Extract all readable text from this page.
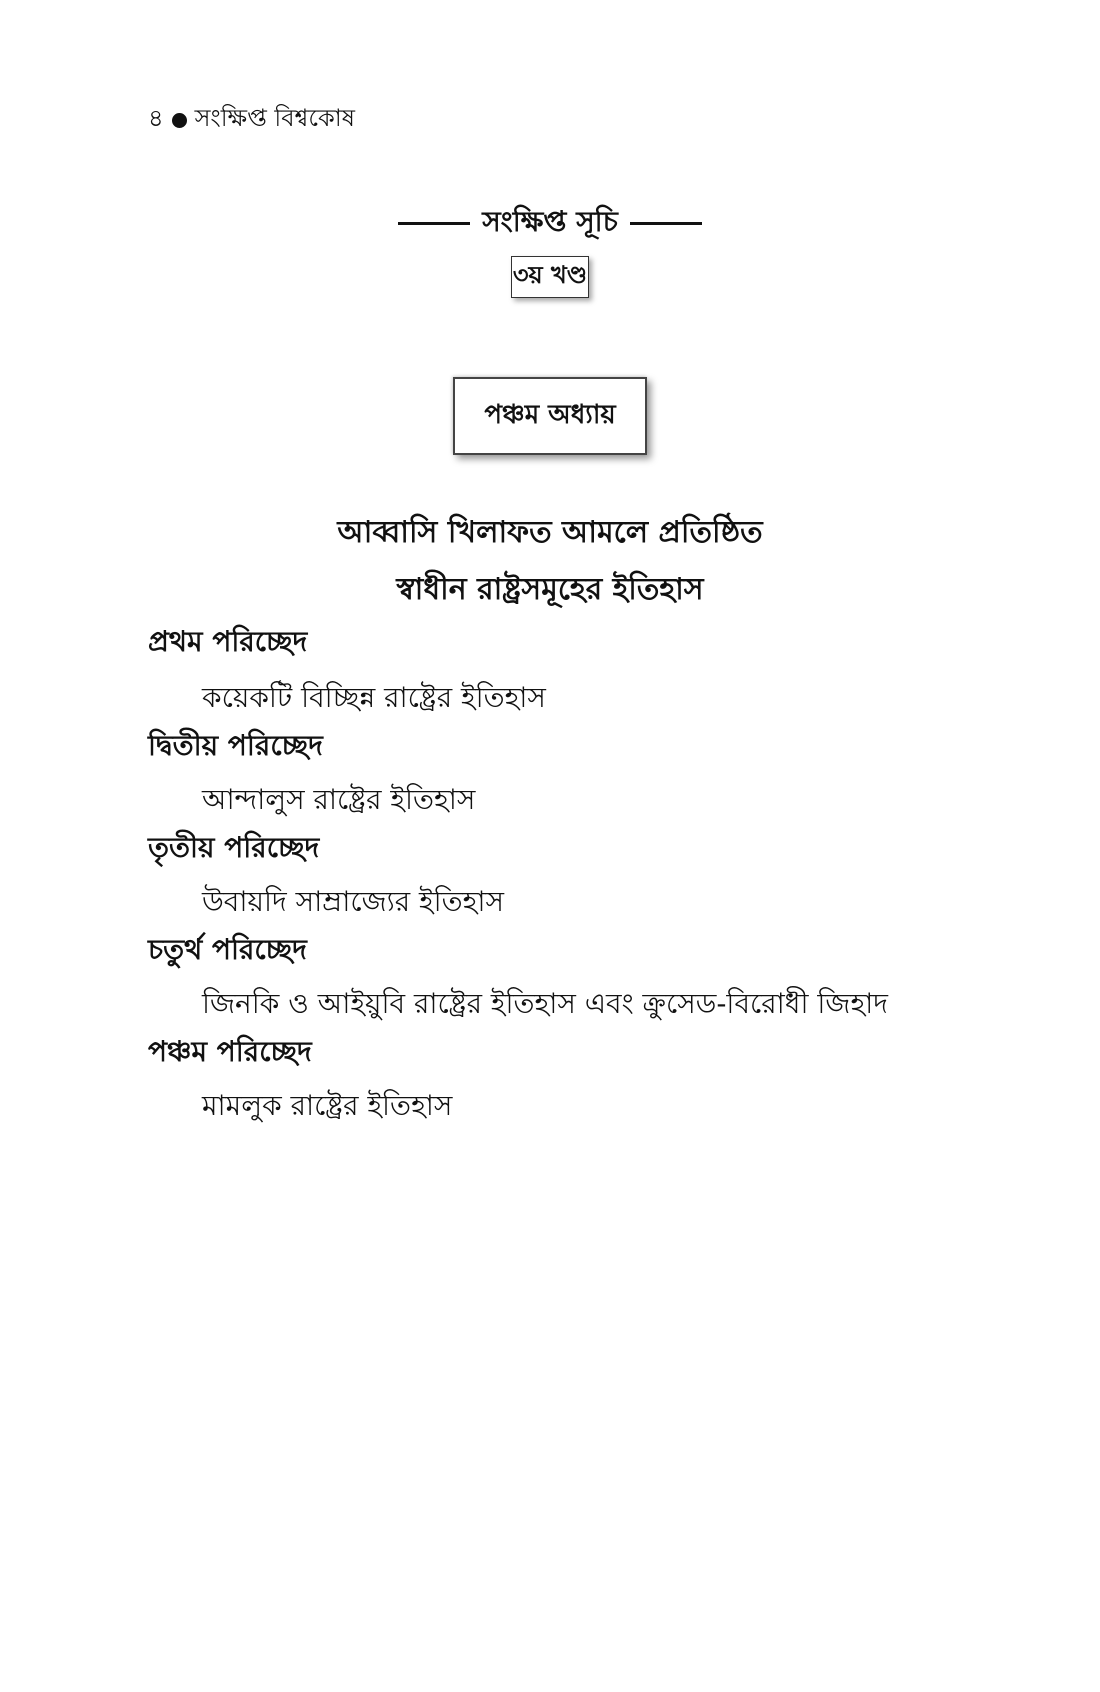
৪ সংক্ষিপ্ত বিশ্বকোষ
সংক্ষিপ্ত সূচি
৩য় খণ্ড
পঞ্চম অধ্যায়
আব্বাসি খিলাফত আমলে প্রতিষ্ঠিত
স্বাধীন রাষ্ট্রসমূহের ইতিহাস
প্রথম পরিচ্ছেদ
কয়েকটি বিচ্ছিন্ন রাষ্ট্রের ইতিহাস
দ্বিতীয় পরিচ্ছেদ
আন্দালুস রাষ্ট্রের ইতিহাস
তৃতীয় পরিচ্ছেদ
উবায়দি সাম্রাজ্যের ইতিহাস
চতুর্থ পরিচ্ছেদ
জিনকি ও আইয়ুবি রাষ্ট্রের ইতিহাস এবং ক্রুসেড-বিরোধী জিহাদ
পঞ্চম পরিচ্ছেদ
মামলুক রাষ্ট্রের ইতিহাস
